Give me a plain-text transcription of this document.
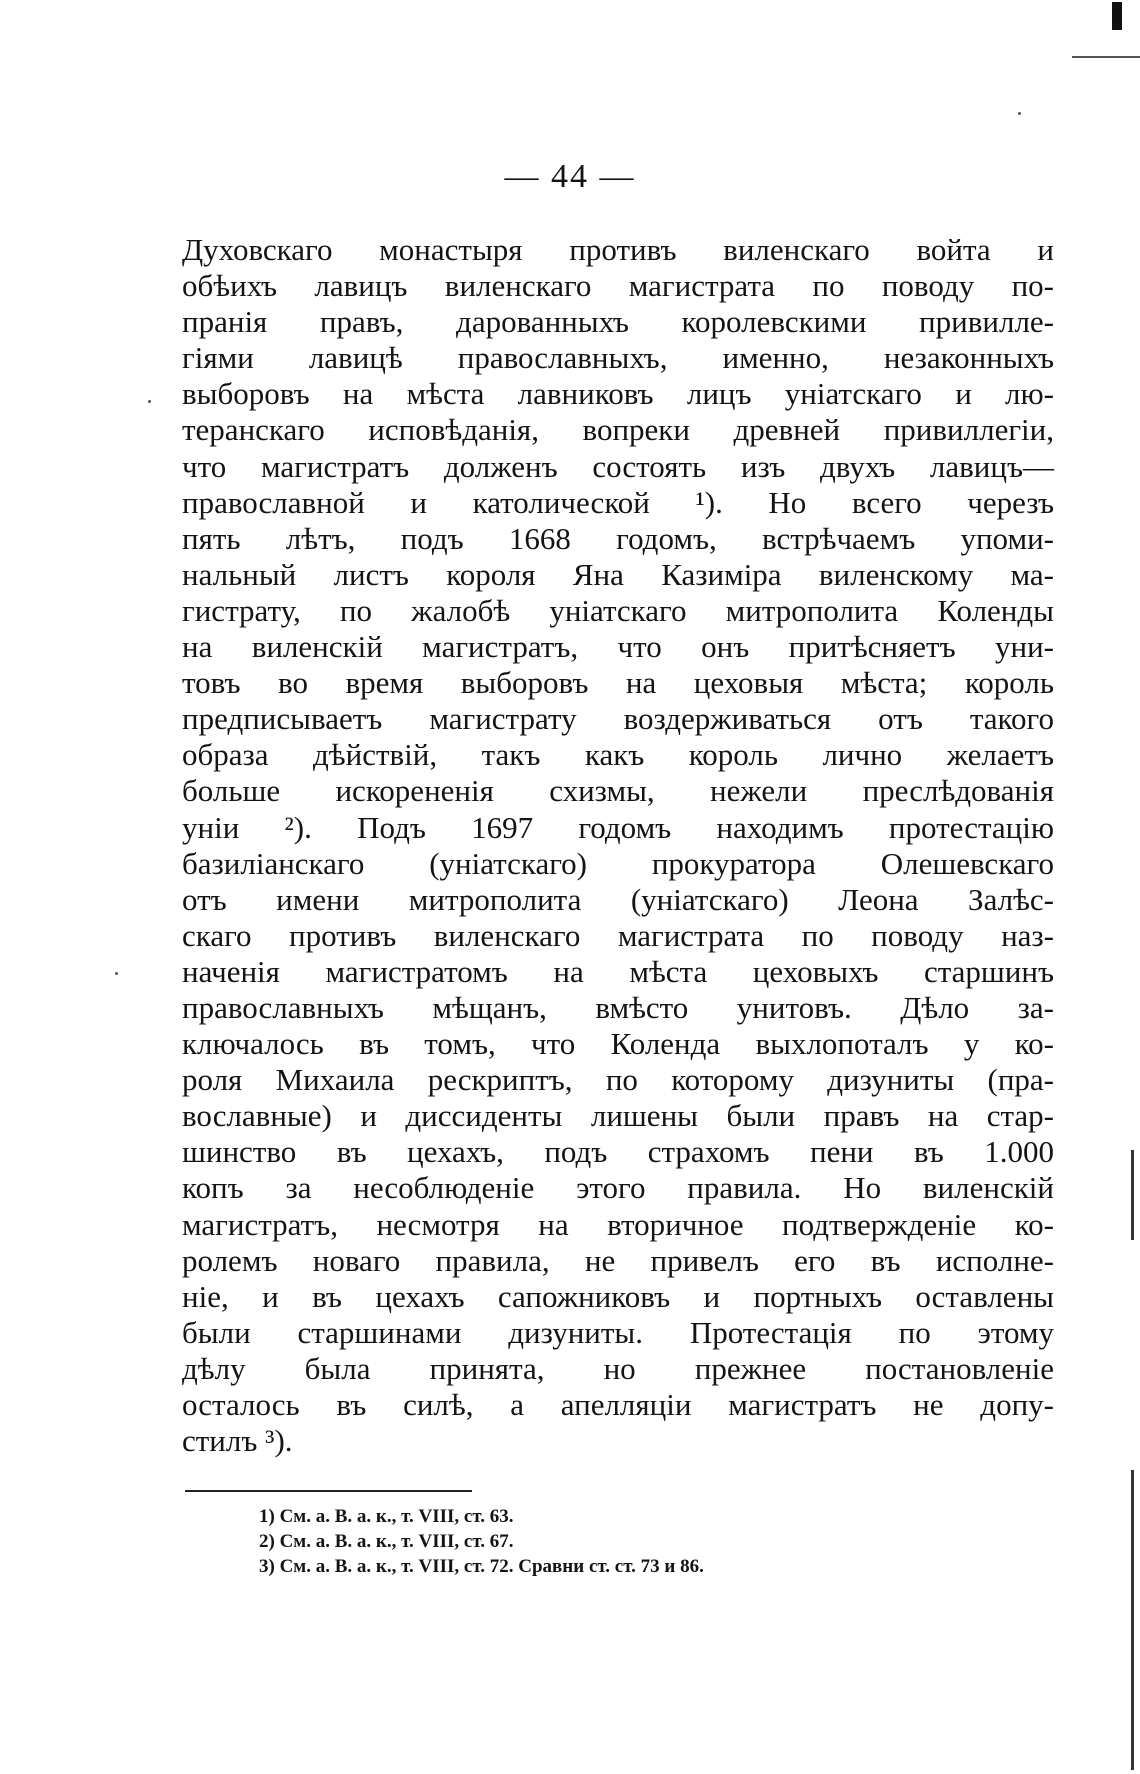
— 44 —
Духовскаго монастыря противъ виленскаго войта и
обѣихъ лавицъ виленскаго магистрата по поводу по-
пранія правъ, дарованныхъ королевскими привилле-
гіями лавицѣ православныхъ, именно, незаконныхъ
выборовъ на мѣста лавниковъ лицъ уніатскаго и лю-
теранскаго исповѣданія, вопреки древней привиллегіи,
что магистратъ долженъ состоять изъ двухъ лавицъ—
православной и католической ¹). Но всего черезъ
пять лѣтъ, подъ 1668 годомъ, встрѣчаемъ упоми-
нальный листъ короля Яна Казиміра виленскому ма-
гистрату, по жалобѣ уніатскаго митрополита Коленды
на виленскій магистратъ, что онъ притѣсняетъ уни-
товъ во время выборовъ на цеховыя мѣста; король
предписываетъ магистрату воздерживаться отъ такого
образа дѣйствій, такъ какъ король лично желаетъ
больше искорененія схизмы, нежели преслѣдованія
уніи ²). Подъ 1697 годомъ находимъ протестацію
базиліанскаго (уніатскаго) прокуратора Олешевскаго
отъ имени митрополита (уніатскаго) Леона Залѣс-
скаго противъ виленскаго магистрата по поводу наз-
наченія магистратомъ на мѣста цеховыхъ старшинъ
православныхъ мѣщанъ, вмѣсто унитовъ. Дѣло за-
ключалось въ томъ, что Коленда выхлопоталъ у ко-
роля Михаила рескриптъ, по которому дизуниты (пра-
вославные) и диссиденты лишены были правъ на стар-
шинство въ цехахъ, подъ страхомъ пени въ 1.000
копъ за несоблюденіе этого правила. Но виленскій
магистратъ, несмотря на вторичное подтвержденіе ко-
ролемъ новаго правила, не привелъ его въ исполне-
ніе, и въ цехахъ сапожниковъ и портныхъ оставлены
были старшинами дизуниты. Протестація по этому
дѣлу была принята, но прежнее постановленіе
осталось въ силѣ, а апелляціи магистратъ не допу-
стилъ ³).
1) См. а. В. а. к., т. VIII, ст. 63.
2) См. а. В. а. к., т. VIII, ст. 67.
3) См. а. В. а. к., т. VIII, ст. 72. Сравни ст. ст. 73 и 86.
